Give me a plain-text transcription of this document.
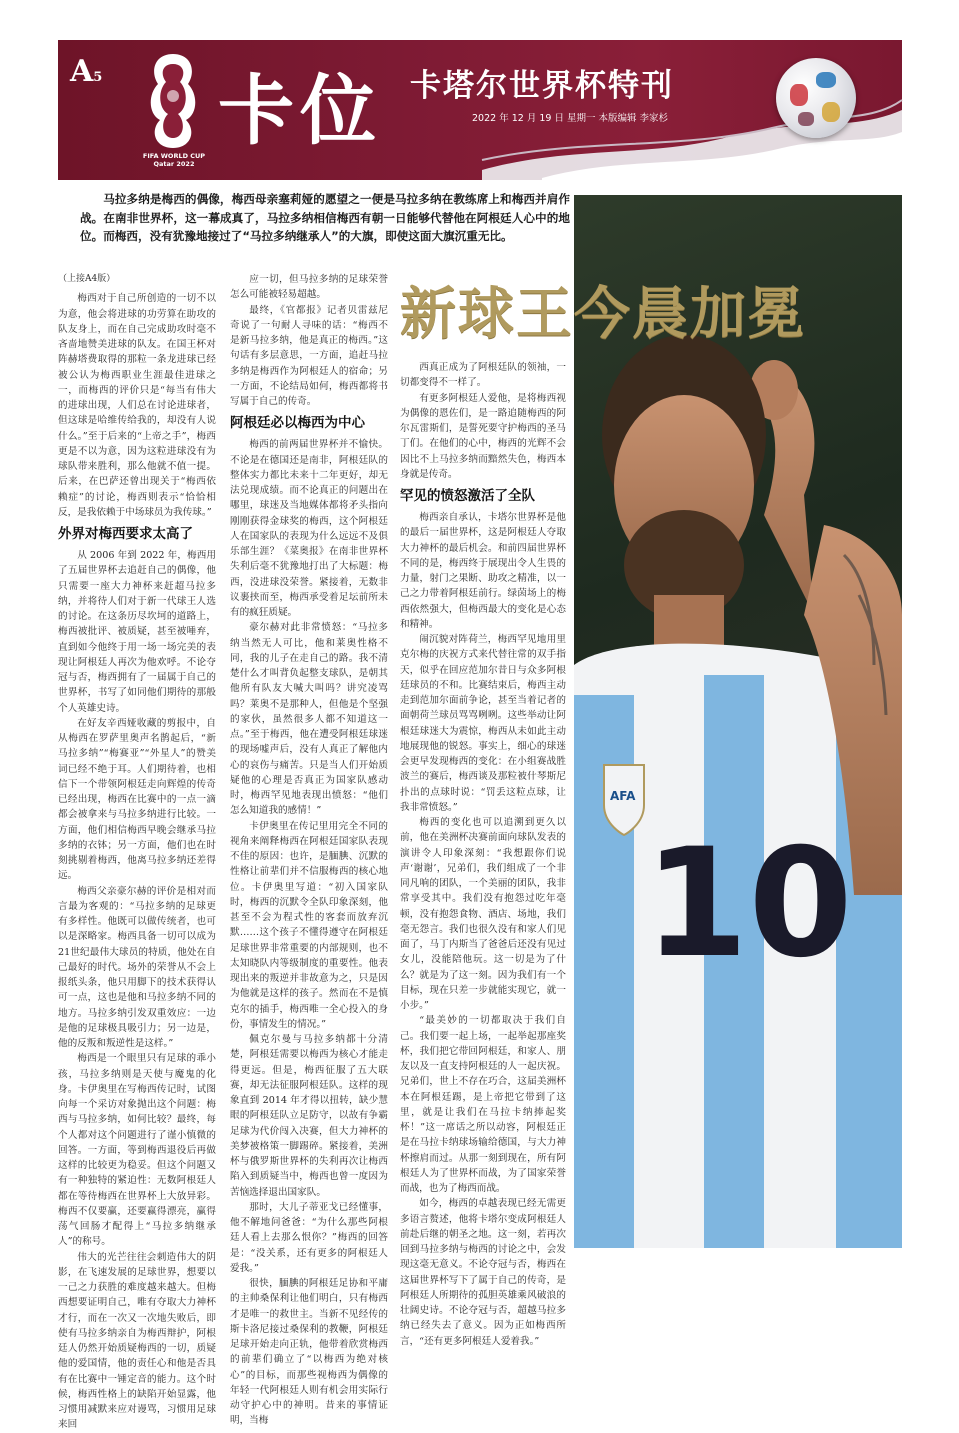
A5
FIFA WORLD CUP
Qatar 2022
卡位 卡塔尔世界杯特刊
2022 年 12 月 19 日 星期一 本版编辑 李家杉
马拉多纳是梅西的偶像，梅西母亲塞莉娅的愿望之一便是马拉多纳在教练席上和梅西并肩作战。在南非世界杯，这一幕成真了，马拉多纳相信梅西有朝一日能够代替他在阿根廷人心中的地位。而梅西，没有犹豫地接过了“马拉多纳继承人”的大旗，即使这面大旗沉重无比。
10
AFA
新球王今晨加冕

（上接A4版）

梅西对于自己所创造的一切不以为意，他会将进球的功劳算在助攻的队友身上，而在自己完成助攻时毫不吝啬地赞美进球的队友。在国王杯对阵赫塔费取得的那粒一条龙进球已经被公认为梅西职业生涯最佳进球之一，而梅西的评价只是“每当有伟大的进球出现，人们总在讨论进球者，但这球是哈维传给我的，却没有人说什么。”至于后来的“上帝之手”，梅西更是不以为意，因为这粒进球没有为球队带来胜利，那么他就不值一提。后来，在巴萨还曾出现关于“梅西依赖症”的讨论，梅西则表示“恰恰相反，是我依赖于中场球员为我传球。”

外界对梅西要求太高了

从 2006 年到 2022 年，梅西用了五届世界杯去追赶自己的偶像，他只需要一座大力神杯来赶超马拉多纳，并将待人们对于新一代球王人选的讨论。在这条历尽坎坷的道路上，梅西被批评、被质疑，甚至被唾弃，直到如今他终于用一场一场完美的表现让阿根廷人再次为他欢呼。不论夺冠与否，梅西拥有了一届属于自己的世界杯，书写了如同他们期待的那般个人英雄史诗。

在好友辛西娅收藏的剪报中，自从梅西在罗萨里奥声名鹊起后，“新马拉多纳”“梅赛亚”“外星人”的赞美词已经不绝于耳。人们期待着，也相信下一个带领阿根廷走向辉煌的传奇已经出现，梅西在比赛中的一点一滴都会被拿来与马拉多纳进行比较。一方面，他们相信梅西早晚会继承马拉多纳的衣钵；另一方面，他们也在时刻挑剔着梅西，他离马拉多纳还差得远。

梅西父亲豪尔赫的评价是相对而言最为客观的：“马拉多纳的足球更有多样性。他既可以做传统者，也可以是深略家。梅西具备一切可以成为21世纪最伟大球员的特质，他处在自己最好的时代。场外的荣誉从不会上报纸头条，他只用脚下的技术获得认可一点，这也是他和马拉多纳不同的地方。马拉多纳引发双重效应：一边是他的足球极具吸引力；另一边是，他的反叛和叛逆性是这样。”

梅西是一个眼里只有足球的乖小孩，马拉多纳则是天使与魔鬼的化身。卡伊奥里在写梅西传记时，试图向每一个采访对象抛出这个问题：梅西与马拉多纳，如何比较？最终，每个人都对这个问题进行了谨小慎微的回答。一方面，等到梅西退役后再做这样的比较更为稳妥。但这个问题又有一种独特的紧迫性：无数阿根廷人都在等待梅西在世界杯上大放异彩。梅西不仅要赢，还要赢得漂亮，赢得荡气回肠才配得上“马拉多纳继承人”的称号。

伟大的光芒往往会刺造伟大的阴影，在飞速发展的足球世界，想要以一己之力获胜的难度越来越大。但梅西想要证明自己，唯有夺取大力神杯才行，而在一次又一次地失败后，即使有马拉多纳亲自为梅西辩护，阿根廷人仍然开始质疑梅西的一切，质疑他的爱国情，他的责任心和他是否具有在比赛中一锤定音的能力。这个时候，梅西性格上的缺陷开始显露，他习惯用减默来应对谩骂，习惯用足球来回

应一切，但马拉多纳的足球荣誉怎么可能被轻易超越。

最终，《官都报》记者贝雷兹尼奇说了一句耐人寻味的话：“梅西不是新马拉多纳，他是真正的梅西。”这句话有多层意思，一方面，追赶马拉多纳是梅西作为阿根廷人的宿命；另一方面，不论结局如何，梅西都将书写属于自己的传奇。

阿根廷必以梅西为中心

梅西的前两届世界杯并不愉快。不论是在德国还是南非，阿根廷队的整体实力都比未来十二年更好，却无法兑现成绩。而不论真正的问题出在哪里，球迷及当地媒体都将矛头指向刚刚获得金球奖的梅西，这个阿根廷人在国家队的表现为什么远远不及俱乐部生涯？《菜奥报》在南非世界杯失利后毫不犹豫地打出了大标题：梅西，没进球没荣誉。紧接着，无数非议裹挟而至，梅西承受着足坛前所未有的疯狂质疑。

豪尔赫对此非常愤怒：“马拉多纳当然无人可比，他和莱奥性格不同，我的儿子在走自己的路。我不清楚什么才叫背负起整支球队，是朝其他所有队友大喊大叫吗？讲究凌骂吗？莱奥不是那种人，但他是个坚强的家伙，虽然很多人都不知道这一点。”至于梅西，他在遭受阿根廷球迷的现场嘘声后，没有人真正了解他内心的哀伤与痛苦。只是当人们开始质疑他的心理是否真正为国家队感动时，梅西罕见地表现出愤怒：“他们怎么知道我的感情！”

卡伊奥里在传记里用完全不同的视角来阐释梅西在阿根廷国家队表现不佳的原因：也许，是腼腆、沉默的性格让前辈们并不信服梅西的核心地位。卡伊奥里写道：“初入国家队时，梅西的沉默令全队印象深刻，他甚至不会为程式性的客套而放弃沉默……这个孩子不懂得遵守在阿根廷足球世界非常重要的内部规则，也不太知晓队内等级制度的重要性。他表现出来的叛逆并非故意为之，只是因为他就是这样的孩子。然而在不是慎克尔的插手，梅西唯一全心投入的身份，事情发生的情况。”

佩克尔曼与马拉多纳都十分清楚，阿根廷需要以梅西为核心才能走得更远。但是，梅西征服了五大联赛，却无法征服阿根廷队。这样的现象直到 2014 年才得以扭转，缺少慧眼的阿根廷队立足防守，以故有争霸足球为代价闯入决赛，但大力神杯的美梦被格策一脚踢碎。紧接着，美洲杯与俄罗斯世界杯的失利再次让梅西陷入到质疑当中，梅西也曾一度因为苦恼选择退出国家队。

那时，大儿子蒂亚戈已经懂事，他不解地问爸爸：“为什么那些阿根廷人看上去那么恨你？”梅西的回答是：“没关系，还有更多的阿根廷人爱我。”

很快，腼腆的阿根廷足协和平庸的主帅桑保利让他们明白，只有梅西才是唯一的救世主。当新不见经传的斯卡洛尼接过桑保利的教鞭，阿根廷足球开始走向正轨，他带着欣赏梅西的前辈们确立了“以梅西为绝对核心”的目标，而那些视梅西为偶像的年轻一代阿根廷人则有机会用实际行动守护心中的神明。昔来的事情证明，当梅

西真正成为了阿根廷队的领袖，一切都变得不一样了。

有更多阿根廷人爱他，是将梅西视为偶像的恩佐们，是一路追随梅西的阿尔瓦雷斯们，是誓死要守护梅西的圣马丁们。在他们的心中，梅西的光辉不会因比不上马拉多纳而黯然失色，梅西本身就是传奇。

罕见的愤怒激活了全队

梅西亲自承认，卡塔尔世界杯是他的最后一届世界杯，这是阿根廷人夺取大力神杯的最后机会。和前四届世界杯不同的是，梅西终于展现出令人生畏的力量，射门之果断、助攻之精准，以一己之力带着阿根廷前行。绿茵场上的梅西依然强大，但梅西最大的变化是心态和精神。

闹沉貌对阵荷兰，梅西罕见地用里克尔梅的庆祝方式来代替往常的双手指天，似乎在回应范加尔昔日与众多阿根廷球员的不和。比赛结束后，梅西主动走到范加尔面前争论，甚至当着记者的面朝荷兰球员骂骂咧咧。这些举动让阿根廷球迷大为震惊，梅西从未如此主动地展现他的锐怒。事实上，细心的球迷会更早发现梅西的变化：在小组赛战胜波兰的赛后，梅西谈及那粒被什琴斯尼扑出的点球时说：“罚丢这粒点球，让我非常愤怒。”

梅西的变化也可以追溯到更久以前，他在美洲杯决赛前面向球队发表的演讲令人印象深刻：“我想跟你们说声‘谢谢’，兄弟们，我们组成了一个非同凡响的团队，一个美丽的团队，我非常享受其中。我们没有抱怨过吃年毫顿，没有抱怨食物、酒店、场地，我们毫无怨言。我们也很久没有和家人们见面了，马丁内斯当了爸爸后还没有见过女儿，没能陪他玩。这一切是为了什么？就是为了这一刻。因为我们有一个目标，现在只差一步就能实现它，就一小步。”

“最美妙的一切都取决于我们自己。我们要一起上场，一起举起那座奖杯，我们把它带回阿根廷，和家人、朋友以及一直支持阿根廷的人一起庆祝。兄弟们，世上不存在巧合，这届美洲杯本在阿根廷踢，是上帝把它带到了这里，就是让我们在马拉卡纳捧起奖杯！”这一席话之所以动容，阿根廷正是在马拉卡纳球场输给德国，与大力神杯擦肩而过。从那一刻到现在，所有阿根廷人为了世界杯而战，为了国家荣誉而战，也为了梅西而战。

如今，梅西的卓越表现已经无需更多语言赘述，他将卡塔尔变成阿根廷人前赴后继的朝圣之地。这一刻，若再次回到马拉多纳与梅西的讨论之中，会发现这毫无意义。不论夺冠与否，梅西在这届世界杯写下了属于自己的传奇，是阿根廷人所期待的孤胆英雄乘风破浪的壮阔史诗。不论夺冠与否，超越马拉多纳已经失去了意义。因为正如梅西所言，“还有更多阿根廷人爱着我。”
